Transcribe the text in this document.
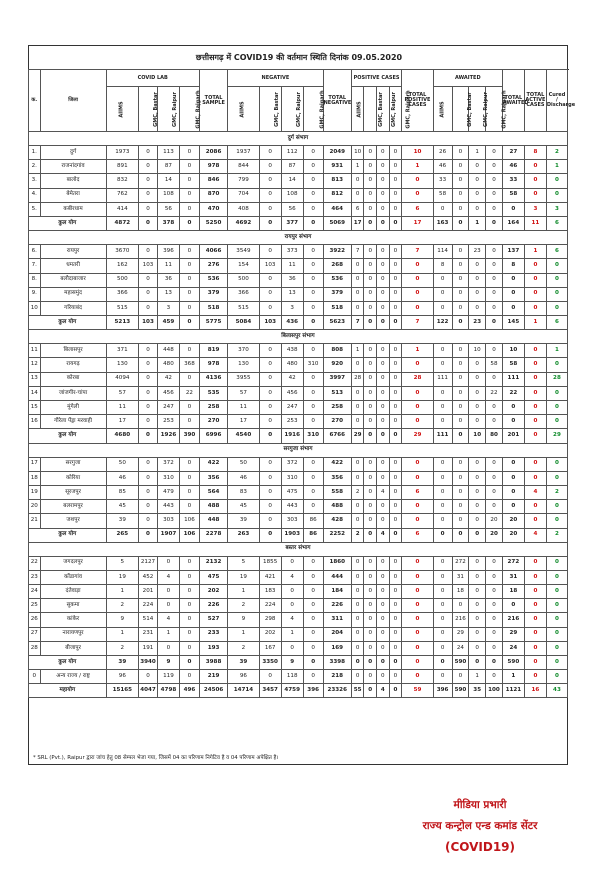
छत्तीसगढ़ में COVID19 की वर्तमान स्थिति दिनांक 09.05.2020
क.	जिला	COVID LAB				TOTAL SAMPLE	NEGATIVE				TOTAL NEGATIVE	POSITIVE CASES				TOTAL POSITIVE CASES	AWAITED				TOTAL AWAITED	TOTAL ACTIVE CASES	Cured / Discharge
		AIIMS	GMC, Bastar	GMC, Raipur	GMC, Rajgarh		AIIMS	GMC, Bastar	GMC, Raipur	GMC, Rajgarh		AIIMS	GMC, Bastar	GMC, Raipur	GMC, Rajgarh		AIIMS	GMC, Bastar	GMC, Raipur	GMC, Rajgarh			
दुर्ग संभाग																							
1.	दुर्ग	1973	0	113	0	2086	1937	0	112	0	2049	10	0	0	0	10	26	0	1	0	27	8	2
2.	राजनांदगांव	891	0	87	0	978	844	0	87	0	931	1	0	0	0	1	46	0	0	0	46	0	1
3.	बालोद	832	0	14	0	846	799	0	14	0	813	0	0	0	0	0	33	0	0	0	33	0	0
4.	बेमेतरा	762	0	108	0	870	704	0	108	0	812	0	0	0	0	0	58	0	0	0	58	0	0
5.	कबीरधाम	414	0	56	0	470	408	0	56	0	464	6	0	0	0	6	0	0	0	0	0	3	3
कुल योग		4872	0	378	0	5250	4692	0	377	0	5069	17	0	0	0	17	163	0	1	0	164	11	6
रायपुर संभाग																							
6.	रायपुर	3670	0	396	0	4066	3549	0	373	0	3922	7	0	0	0	7	114	0	23	0	137	1	6
7.	धमतरी	162	103	11	0	276	154	103	11	0	268	0	0	0	0	0	8	0	0	0	8	0	0
8.	बलौदाबाजार	500	0	36	0	536	500	0	36	0	536	0	0	0	0	0	0	0	0	0	0	0	0
9.	महासमुंद	366	0	13	0	379	366	0	13	0	379	0	0	0	0	0	0	0	0	0	0	0	0
10	गरियाबंद	515	0	3	0	518	515	0	3	0	518	0	0	0	0	0	0	0	0	0	0	0	0
कुल योग		5213	103	459	0	5775	5084	103	436	0	5623	7	0	0	0	7	122	0	23	0	145	1	6
बिलासपुर संभाग																							
11	बिलासपुर	371	0	448	0	819	370	0	438	0	808	1	0	0	0	1	0	0	10	0	10	0	1
12	रायगढ़	130	0	480	368	978	130	0	480	310	920	0	0	0	0	0	0	0	0	58	58	0	0
13	कोरबा	4094	0	42	0	4136	3955	0	42	0	3997	28	0	0	0	28	111	0	0	0	111	0	28
14	जांजगीर-चांपा	57	0	456	22	535	57	0	456	0	513	0	0	0	0	0	0	0	0	22	22	0	0
15	मुंगेली	11	0	247	0	258	11	0	247	0	258	0	0	0	0	0	0	0	0	0	0	0	0
16	गौरेला पेंड्रा मरवाही	17	0	253	0	270	17	0	253	0	270	0	0	0	0	0	0	0	0	0	0	0	0
कुल योग		4680	0	1926	390	6996	4540	0	1916	310	6766	29	0	0	0	29	111	0	10	80	201	0	29
सरगुजा संभाग																							
17	सरगुजा	50	0	372	0	422	50	0	372	0	422	0	0	0	0	0	0	0	0	0	0	0	0
18	कोरिया	46	0	310	0	356	46	0	310	0	356	0	0	0	0	0	0	0	0	0	0	0	0
19	सूरजपुर	85	0	479	0	564	83	0	475	0	558	2	0	4	0	6	0	0	0	0	0	4	2
20	बलरामपुर	45	0	443	0	488	45	0	443	0	488	0	0	0	0	0	0	0	0	0	0	0	0
21	जशपुर	39	0	303	106	448	39	0	303	86	428	0	0	0	0	0	0	0	0	20	20	0	0
कुल योग		265	0	1907	106	2278	263	0	1903	86	2252	2	0	4	0	6	0	0	0	20	20	4	2
बस्तर संभाग																							
22	जगदलपुर	5	2127	0	0	2132	5	1855	0	0	1860	0	0	0	0	0	0	272	0	0	272	0	0
23	कोंडागांव	19	452	4	0	475	19	421	4	0	444	0	0	0	0	0	0	31	0	0	31	0	0
24	दंतेवाड़ा	1	201	0	0	202	1	183	0	0	184	0	0	0	0	0	0	18	0	0	18	0	0
25	सुकमा	2	224	0	0	226	2	224	0	0	226	0	0	0	0	0	0	0	0	0	0	0	0
26	कांकेर	9	514	4	0	527	9	298	4	0	311	0	0	0	0	0	0	216	0	0	216	0	0
27	नारायणपुर	1	231	1	0	233	1	202	1	0	204	0	0	0	0	0	0	29	0	0	29	0	0
28	बीजापुर	2	191	0	0	193	2	167	0	0	169	0	0	0	0	0	0	24	0	0	24	0	0
कुल योग		39	3940	9	0	3988	39	3350	9	0	3398	0	0	0	0	0	0	590	0	0	590	0	0
0	अन्य राज्य / राष्ट्र	96	0	119	0	219	96	0	118	0	218	0	0	0	0	0	0	0	1	0	1	0	0
महायोग		15165	4047	4798	496	24506	14714	3457	4759	396	23326	55	0	4	0	59	396	590	35	100	1121	16	43
* SRL (Pvt.), Raipur द्वारा जांच हेतु 08 सेम्पल भेजा गया, जिसमें 04 का परिणाम निगेटिव है व 04 परिणाम अपेक्षित है।
मीडिया प्रभारी
राज्य कन्ट्रोल एन्ड कमांड सेंटर
(COVID19)
